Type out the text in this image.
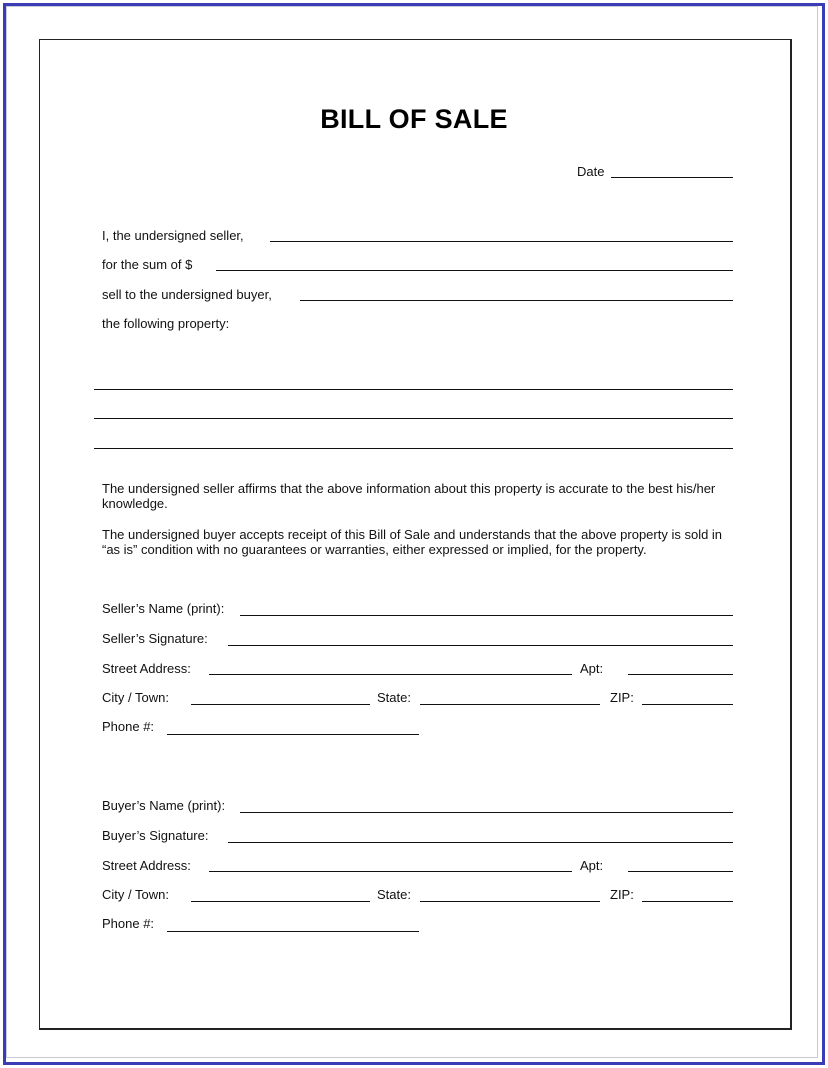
BILL OF SALE
Date
I, the undersigned seller,
for the sum of $
sell to the undersigned buyer,
the following property:
The undersigned seller affirms that the above information about this property is accurate to the best his/her knowledge.
The undersigned buyer accepts receipt of this Bill of Sale and understands that the above property is sold in “as is” condition with no guarantees or warranties, either expressed or implied, for the property.
Seller’s Name (print):
Seller’s Signature:
Street Address:	Apt:
City / Town:	State:	ZIP:
Phone #:
Buyer’s Name (print):
Buyer’s Signature:
Street Address:	Apt:
City / Town:	State:	ZIP:
Phone #:
